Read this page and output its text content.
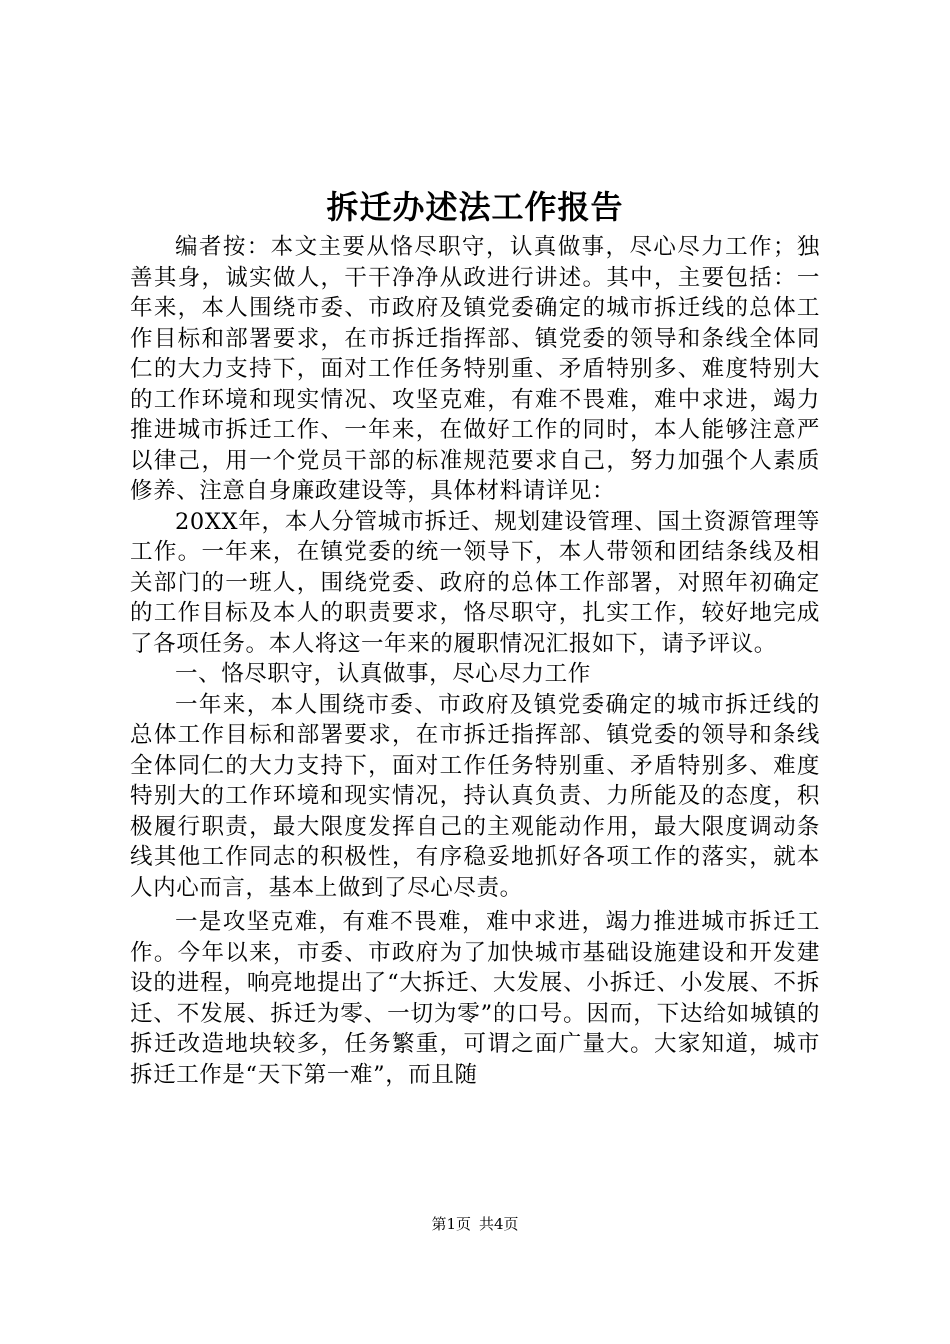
拆迁办述法工作报告

编者按：本文主要从恪尽职守，认真做事，尽心尽力工作；独善其身，诚实做人，干干净净从政进行讲述。其中，主要包括：一年来，本人围绕市委、市政府及镇党委确定的城市拆迁线的总体工作目标和部署要求，在市拆迁指挥部、镇党委的领导和条线全体同仁的大力支持下，面对工作任务特别重、矛盾特别多、难度特别大的工作环境和现实情况、攻坚克难，有难不畏难，难中求进，竭力推进城市拆迁工作、一年来，在做好工作的同时，本人能够注意严以律己，用一个党员干部的标准规范要求自己，努力加强个人素质修养、注意自身廉政建设等，具体材料请详见：

20XX年，本人分管城市拆迁、规划建设管理、国土资源管理等工作。一年来，在镇党委的统一领导下，本人带领和团结条线及相关部门的一班人，围绕党委、政府的总体工作部署，对照年初确定的工作目标及本人的职责要求，恪尽职守，扎实工作，较好地完成了各项任务。本人将这一年来的履职情况汇报如下，请予评议。

一、恪尽职守，认真做事，尽心尽力工作

一年来，本人围绕市委、市政府及镇党委确定的城市拆迁线的总体工作目标和部署要求，在市拆迁指挥部、镇党委的领导和条线全体同仁的大力支持下，面对工作任务特别重、矛盾特别多、难度特别大的工作环境和现实情况，持认真负责、力所能及的态度，积极履行职责，最大限度发挥自己的主观能动作用，最大限度调动条线其他工作同志的积极性，有序稳妥地抓好各项工作的落实，就本人内心而言，基本上做到了尽心尽责。

一是攻坚克难，有难不畏难，难中求进，竭力推进城市拆迁工作。今年以来，市委、市政府为了加快城市基础设施建设和开发建设的进程，响亮地提出了“大拆迁、大发展、小拆迁、小发展、不拆迁、不发展、拆迁为零、一切为零”的口号。因而，下达给如城镇的拆迁改造地块较多，任务繁重，可谓之面广量大。大家知道，城市拆迁工作是“天下第一难”，而且随

第1页 共4页
